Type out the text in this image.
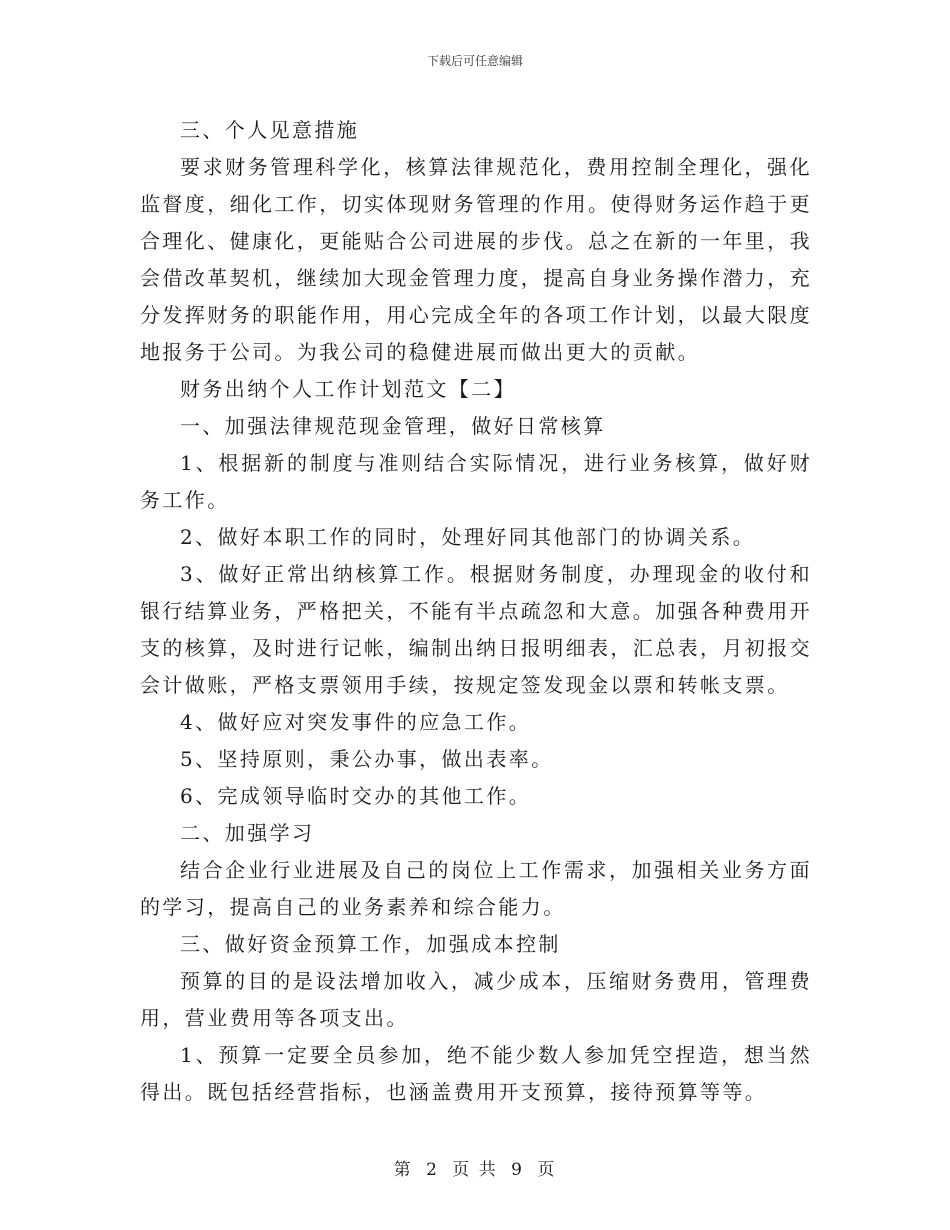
下载后可任意编辑

三、个人见意措施

要求财务管理科学化，核算法律规范化，费用控制全理化，强化监督度，细化工作，切实体现财务管理的作用。使得财务运作趋于更合理化、健康化，更能贴合公司进展的步伐。总之在新的一年里，我会借改革契机，继续加大现金管理力度，提高自身业务操作潜力，充分发挥财务的职能作用，用心完成全年的各项工作计划，以最大限度地报务于公司。为我公司的稳健进展而做出更大的贡献。

财务出纳个人工作计划范文【二】

一、加强法律规范现金管理，做好日常核算

1、根据新的制度与准则结合实际情况，进行业务核算，做好财务工作。

2、做好本职工作的同时，处理好同其他部门的协调关系。

3、做好正常出纳核算工作。根据财务制度，办理现金的收付和银行结算业务，严格把关，不能有半点疏忽和大意。加强各种费用开支的核算，及时进行记帐，编制出纳日报明细表，汇总表，月初报交会计做账，严格支票领用手续，按规定签发现金以票和转帐支票。

4、做好应对突发事件的应急工作。

5、坚持原则，秉公办事，做出表率。

6、完成领导临时交办的其他工作。

二、加强学习

结合企业行业进展及自己的岗位上工作需求，加强相关业务方面的学习，提高自己的业务素养和综合能力。

三、做好资金预算工作，加强成本控制

预算的目的是设法增加收入，减少成本，压缩财务费用，管理费用，营业费用等各项支出。

1、预算一定要全员参加，绝不能少数人参加凭空捏造，想当然得出。既包括经营指标，也涵盖费用开支预算，接待预算等等。

第 2 页 共 9 页
